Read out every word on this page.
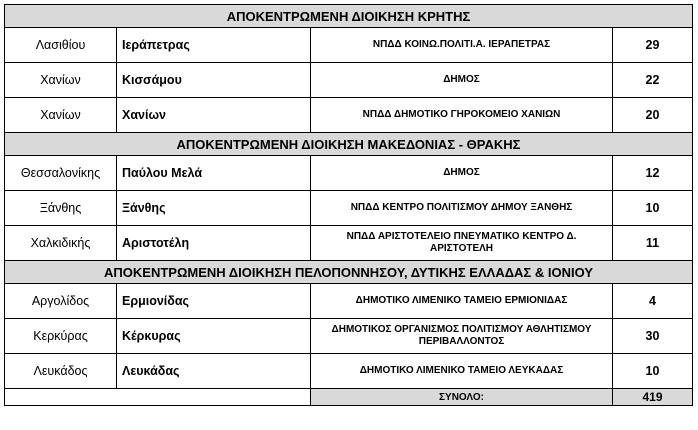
ΑΠΟΚΕΝΤΡΩΜΕΝΗ ΔΙΟΙΚΗΣΗ ΚΡΗΤΗΣ			
Λασιθίου	Ιεράπετρας	ΝΠΔΔ ΚΟΙΝΩ.ΠΟΛΙΤΙ.Α. ΙΕΡΑΠΕΤΡΑΣ	29
Χανίων	Κισσάμου	ΔΗΜΟΣ	22
Χανίων	Χανίων	ΝΠΔΔ ΔΗΜΟΤΙΚΟ ΓΗΡΟΚΟΜΕΙΟ ΧΑΝΙΩΝ	20
ΑΠΟΚΕΝΤΡΩΜΕΝΗ ΔΙΟΙΚΗΣΗ ΜΑΚΕΔΟΝΙΑΣ - ΘΡΑΚΗΣ			
Θεσσαλονίκης	Παύλου Μελά	ΔΗΜΟΣ	12
Ξάνθης	Ξάνθης	ΝΠΔΔ ΚΕΝΤΡΟ ΠΟΛΙΤΙΣΜΟΥ ΔΗΜΟΥ ΞΑΝΘΗΣ	10
Χαλκιδικής	Αριστοτέλη	ΝΠΔΔ ΑΡΙΣΤΟΤΕΛΕΙΟ ΠΝΕΥΜΑΤΙΚΟ ΚΕΝΤΡΟ Δ. ΑΡΙΣΤΟΤΕΛΗ	11
ΑΠΟΚΕΝΤΡΩΜΕΝΗ ΔΙΟΙΚΗΣΗ ΠΕΛΟΠΟΝΝΗΣΟΥ, ΔΥΤΙΚΗΣ ΕΛΛΑΔΑΣ & ΙΟΝΙΟΥ			
Αργολίδος	Ερμιονίδας	ΔΗΜΟΤΙΚΟ ΛΙΜΕΝΙΚΟ ΤΑΜΕΙΟ ΕΡΜΙΟΝΙΔΑΣ	4
Κερκύρας	Κέρκυρας	ΔΗΜΟΤΙΚΟΣ ΟΡΓΑΝΙΣΜΟΣ ΠΟΛΙΤΙΣΜΟΥ ΑΘΛΗΤΙΣΜΟΥ ΠΕΡΙΒΑΛΛΟΝΤΟΣ	30
Λευκάδος	Λευκάδας	ΔΗΜΟΤΙΚΟ ΛΙΜΕΝΙΚΟ ΤΑΜΕΙΟ ΛΕΥΚΑΔΑΣ	10
		ΣΥΝΟΛΟ:	419
